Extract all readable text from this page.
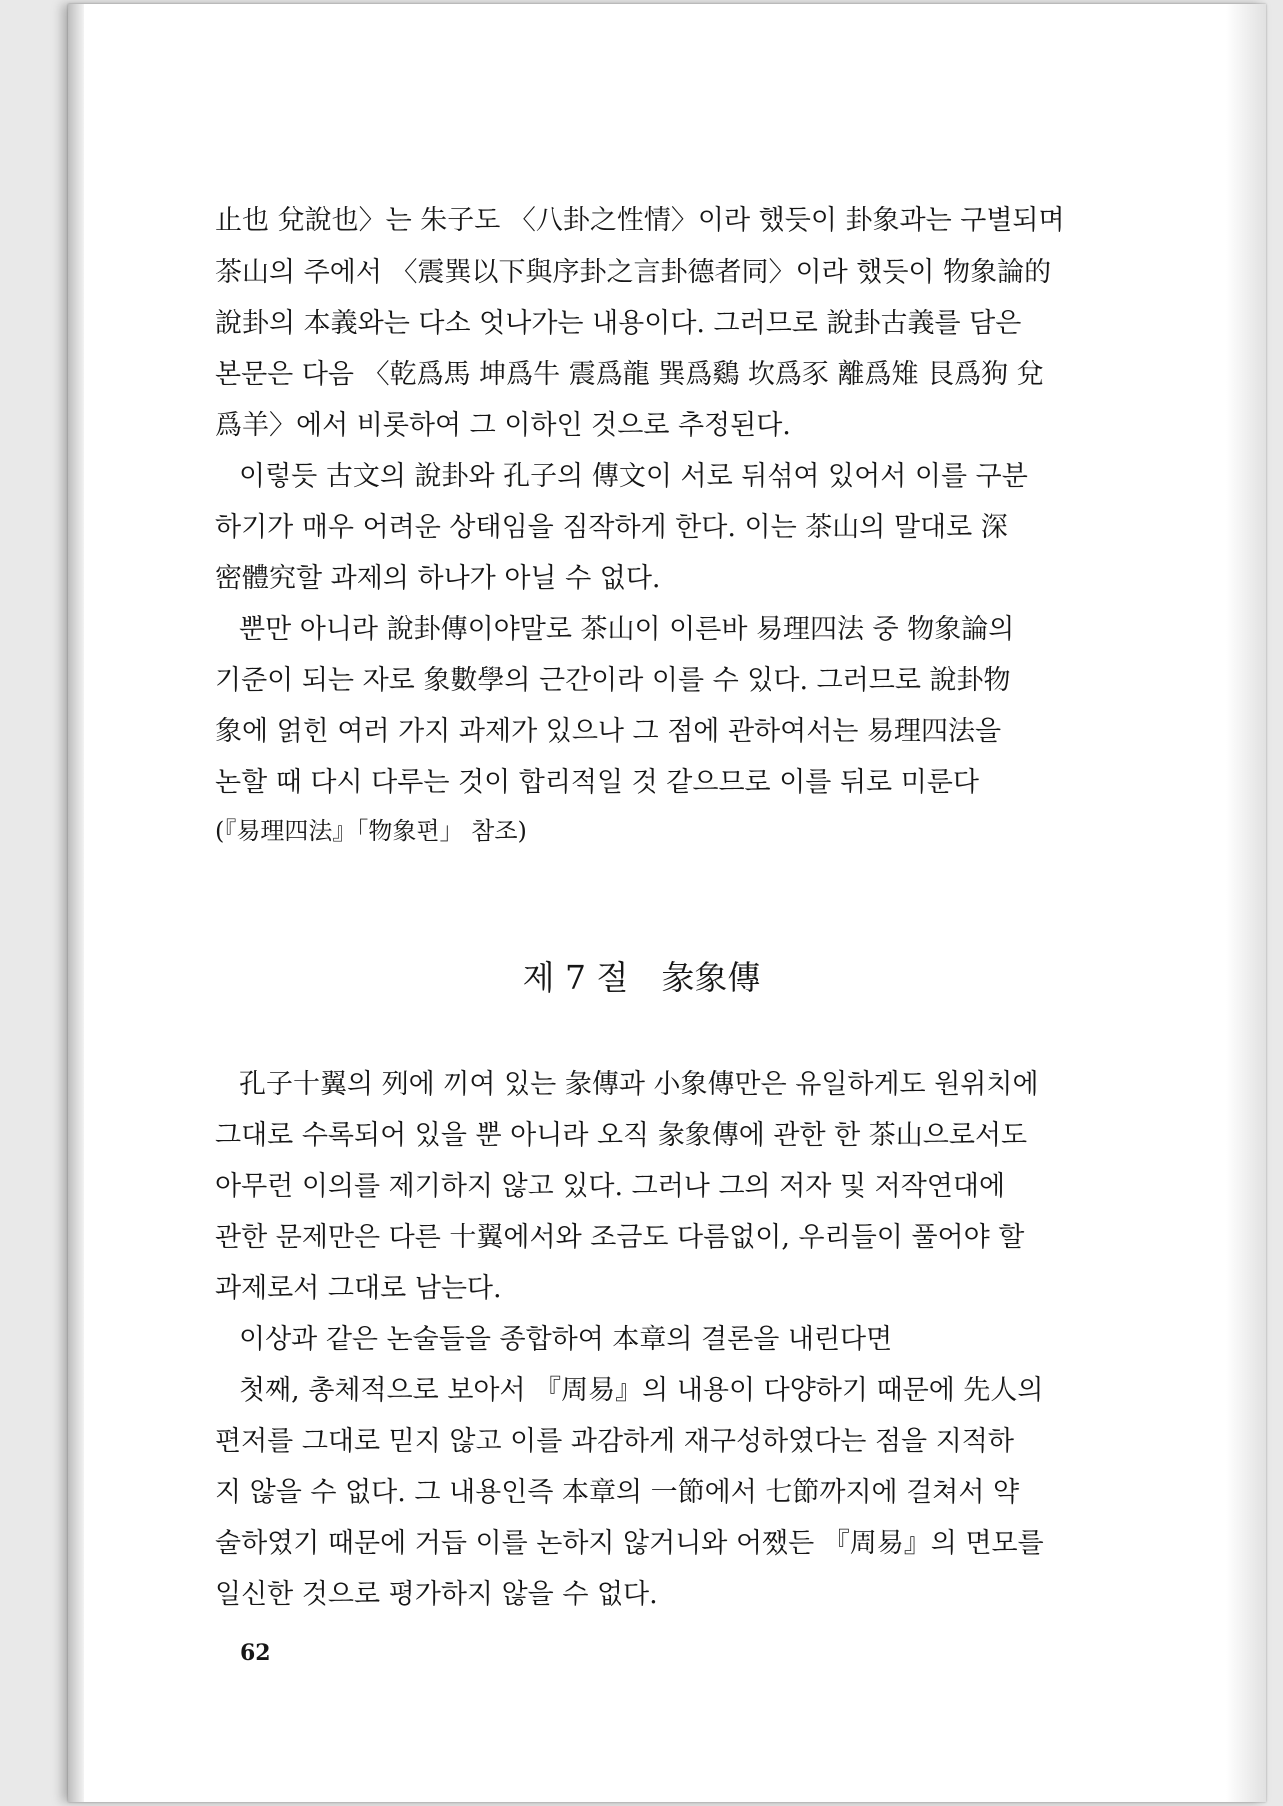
止也 兌說也〉는 朱子도 〈八卦之性情〉이라 했듯이 卦象과는 구별되며
茶山의 주에서 〈震巽以下與序卦之言卦德者同〉이라 했듯이 物象論的
說卦의 本義와는 다소 엇나가는 내용이다. 그러므로 說卦古義를 담은
본문은 다음 〈乾爲馬 坤爲牛 震爲龍 巽爲鷄 坎爲豕 離爲雉 艮爲狗 兌
爲羊〉에서 비롯하여 그 이하인 것으로 추정된다.
이렇듯 古文의 說卦와 孔子의 傳文이 서로 뒤섞여 있어서 이를 구분
하기가 매우 어려운 상태임을 짐작하게 한다. 이는 茶山의 말대로 深
密體究할 과제의 하나가 아닐 수 없다.
뿐만 아니라 說卦傳이야말로 茶山이 이른바 易理四法 중 物象論의
기준이 되는 자로 象數學의 근간이라 이를 수 있다. 그러므로 說卦物
象에 얽힌 여러 가지 과제가 있으나 그 점에 관하여서는 易理四法을
논할 때 다시 다루는 것이 합리적일 것 같으므로 이를 뒤로 미룬다
(『易理四法』「物象편」 참조)
孔子十翼의 列에 끼여 있는 彖傳과 小象傳만은 유일하게도 원위치에
그대로 수록되어 있을 뿐 아니라 오직 彖象傳에 관한 한 茶山으로서도
아무런 이의를 제기하지 않고 있다. 그러나 그의 저자 및 저작연대에
관한 문제만은 다른 十翼에서와 조금도 다름없이, 우리들이 풀어야 할
과제로서 그대로 남는다.
이상과 같은 논술들을 종합하여 本章의 결론을 내린다면
첫째, 총체적으로 보아서 『周易』의 내용이 다양하기 때문에 先人의
편저를 그대로 믿지 않고 이를 과감하게 재구성하였다는 점을 지적하
지 않을 수 없다. 그 내용인즉 本章의 一節에서 七節까지에 걸쳐서 약
술하였기 때문에 거듭 이를 논하지 않거니와 어쨌든 『周易』의 면모를
일신한 것으로 평가하지 않을 수 없다.
제 7 절　彖象傳
62
